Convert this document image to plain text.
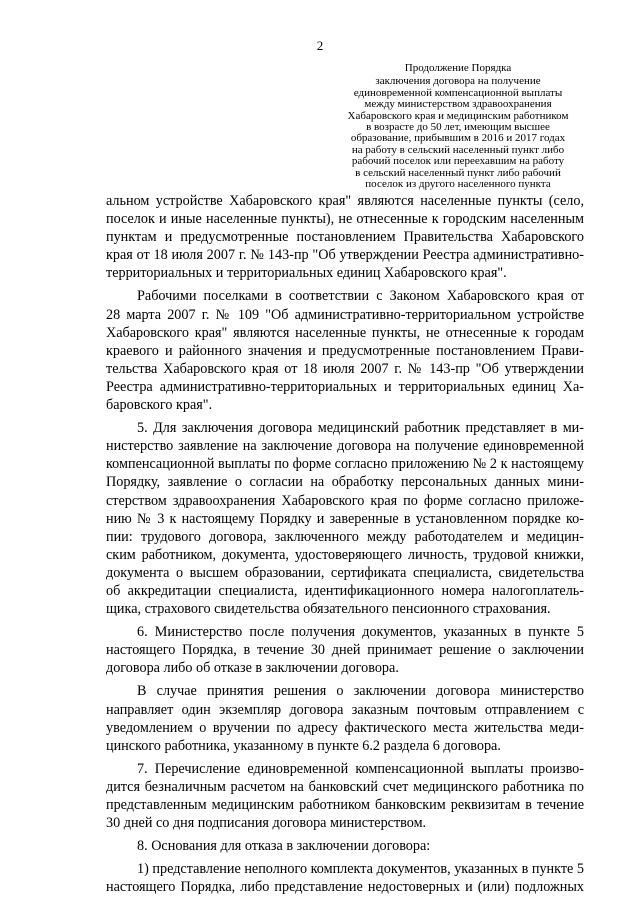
2
Продолжение Порядка
заключения договора на получение
единовременной компенсационной выплаты
между министерством здравоохранения
Хабаровского края и медицинским работником
в возрасте до 50 лет, имеющим высшее
образование, прибывшим в 2016 и 2017 годах
на работу в сельский населенный пункт либо
рабочий поселок или переехавшим на работу
в сельский населенный пункт либо рабочий
поселок из другого населенного пункта
альном устройстве Хабаровского края" являются населенные пункты (село,
поселок и иные населенные пункты), не отнесенные к городским населенным
пунктам и предусмотренные постановлением Правительства Хабаровского
края от 18 июля 2007 г. № 143-пр "Об утверждении Реестра административно-
территориальных и территориальных единиц Хабаровского края".
Рабочими поселками в соответствии с Законом Хабаровского края от
28 марта 2007 г. № 109 "Об административно-территориальном устройстве
Хабаровского края" являются населенные пункты, не отнесенные к городам
краевого и районного значения и предусмотренные постановлением Прави-
тельства Хабаровского края от 18 июля 2007 г. № 143-пр "Об утверждении
Реестра административно-территориальных и территориальных единиц Ха-
баровского края".
5. Для заключения договора медицинский работник представляет в ми-
нистерство заявление на заключение договора на получение единовременной
компенсационной выплаты по форме согласно приложению № 2 к настоящему
Порядку, заявление о согласии на обработку персональных данных мини-
стерством здравоохранения Хабаровского края по форме согласно приложе-
нию № 3 к настоящему Порядку и заверенные в установленном порядке ко-
пии: трудового договора, заключенного между работодателем и медицин-
ским работником, документа, удостоверяющего личность, трудовой книжки,
документа о высшем образовании, сертификата специалиста, свидетельства
об аккредитации специалиста, идентификационного номера налогоплатель-
щика, страхового свидетельства обязательного пенсионного страхования.
6. Министерство после получения документов, указанных в пункте 5
настоящего Порядка, в течение 30 дней принимает решение о заключении
договора либо об отказе в заключении договора.
В случае принятия решения о заключении договора министерство
направляет один экземпляр договора заказным почтовым отправлением с
уведомлением о вручении по адресу фактического места жительства меди-
цинского работника, указанному в пункте 6.2 раздела 6 договора.
7. Перечисление единовременной компенсационной выплаты произво-
дится безналичным расчетом на банковский счет медицинского работника по
представленным медицинским работником банковским реквизитам в течение
30 дней со дня подписания договора министерством.
8. Основания для отказа в заключении договора:
1) представление неполного комплекта документов, указанных в пункте 5
настоящего Порядка, либо представление недостоверных и (или) подложных
